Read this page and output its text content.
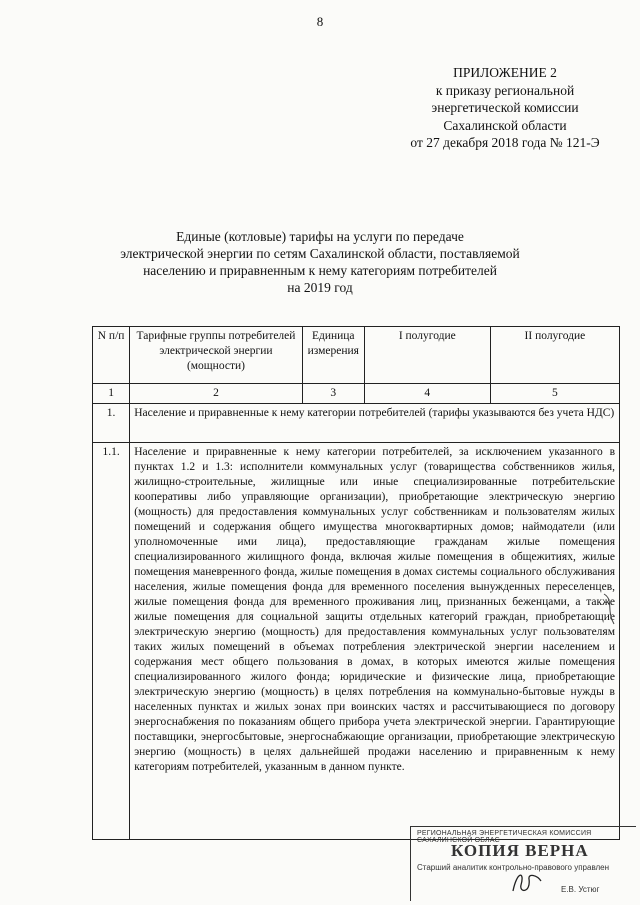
8
ПРИЛОЖЕНИЕ 2
к приказу региональной
энергетической комиссии
Сахалинской области
от 27 декабря 2018 года № 121-Э
Единые (котловые) тарифы на услуги по передаче
электрической энергии по сетям Сахалинской области, поставляемой
населению и приравненным к нему категориям потребителей
на 2019 год
N п/п	Тарифные группы потребителей электрической энергии (мощности)	Единица измерения	I полугодие	II полугодие
1	2	3	4	5
1.	Население и приравненные к нему категории потребителей (тарифы указываются без учета НДС)			
1.1.	Население и приравненные к нему категории потребителей, за исключением указанного в пунктах 1.2 и 1.3: исполнители коммунальных услуг (товарищества собственников жилья, жилищно-строительные, жилищные или иные специализированные потребительские кооперативы либо управляющие организации), приобретающие электрическую энергию (мощность) для предоставления коммунальных услуг собственникам и пользователям жилых помещений и содержания общего имущества многоквартирных домов; наймодатели (или уполномоченные ими лица), предоставляющие гражданам жилые помещения специализированного жилищного фонда, включая жилые помещения в общежитиях, жилые помещения маневренного фонда, жилые помещения в домах системы социального обслуживания населения, жилые помещения фонда для временного поселения вынужденных переселенцев, жилые помещения фонда для временного проживания лиц, признанных беженцами, а также жилые помещения для социальной защиты отдельных категорий граждан, приобретающие электрическую энергию (мощность) для предоставления коммунальных услуг пользователям таких жилых помещений в объемах потребления электрической энергии населением и содержания мест общего пользования в домах, в которых имеются жилые помещения специализированного жилого фонда; юридические и физические лица, приобретающие электрическую энергию (мощность) в целях потребления на коммунально-бытовые нужды в населенных пунктах и жилых зонах при воинских частях и рассчитывающиеся по договору энергоснабжения по показаниям общего прибора учета электрической энергии. Гарантирующие поставщики, энергосбытовые, энергоснабжающие организации, приобретающие электрическую энергию (мощность) в целях дальнейшей продажи населению и приравненным к нему категориям потребителей, указанным в данном пункте.			
РЕГИОНАЛЬНАЯ ЭНЕРГЕТИЧЕСКАЯ КОМИССИЯ САХАЛИНСКОЙ ОБЛАС
КОПИЯ ВЕРНА
Старший аналитик контрольно-правового управлен
Е.В. Устюг
